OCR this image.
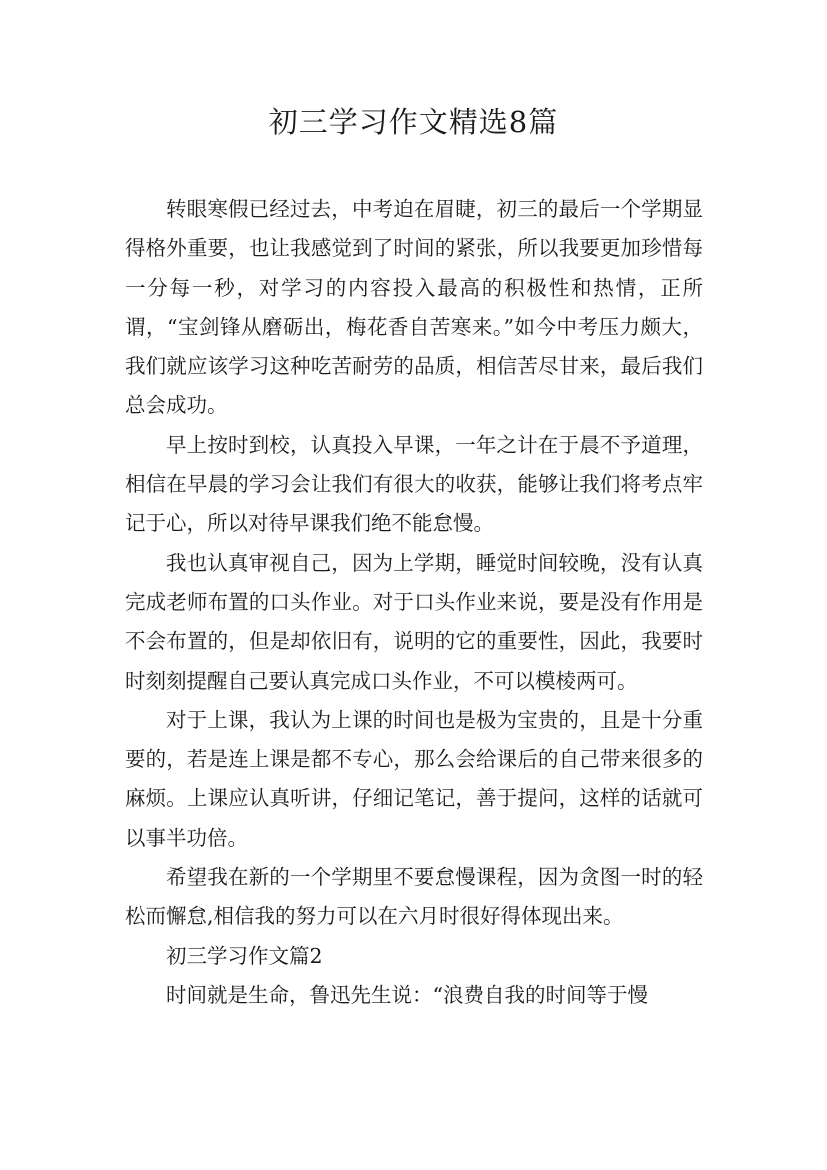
初三学习作文精选8篇

转眼寒假已经过去，中考迫在眉睫，初三的最后一个学期显得格外重要，也让我感觉到了时间的紧张，所以我要更加珍惜每一分每一秒，对学习的内容投入最高的积极性和热情，正所谓，“宝剑锋从磨砺出，梅花香自苦寒来。”如今中考压力颇大，我们就应该学习这种吃苦耐劳的品质，相信苦尽甘来，最后我们总会成功。

早上按时到校，认真投入早课，一年之计在于晨不予道理，相信在早晨的学习会让我们有很大的收获，能够让我们将考点牢记于心，所以对待早课我们绝不能怠慢。

我也认真审视自己，因为上学期，睡觉时间较晚，没有认真完成老师布置的口头作业。对于口头作业来说，要是没有作用是不会布置的，但是却依旧有，说明的它的重要性，因此，我要时时刻刻提醒自己要认真完成口头作业，不可以模棱两可。

对于上课，我认为上课的时间也是极为宝贵的，且是十分重要的，若是连上课是都不专心，那么会给课后的自己带来很多的麻烦。上课应认真听讲，仔细记笔记，善于提问，这样的话就可以事半功倍。

希望我在新的一个学期里不要怠慢课程，因为贪图一时的轻松而懈怠,相信我的努力可以在六月时很好得体现出来。

初三学习作文篇2

时间就是生命，鲁迅先生说：“浪费自我的时间等于慢
